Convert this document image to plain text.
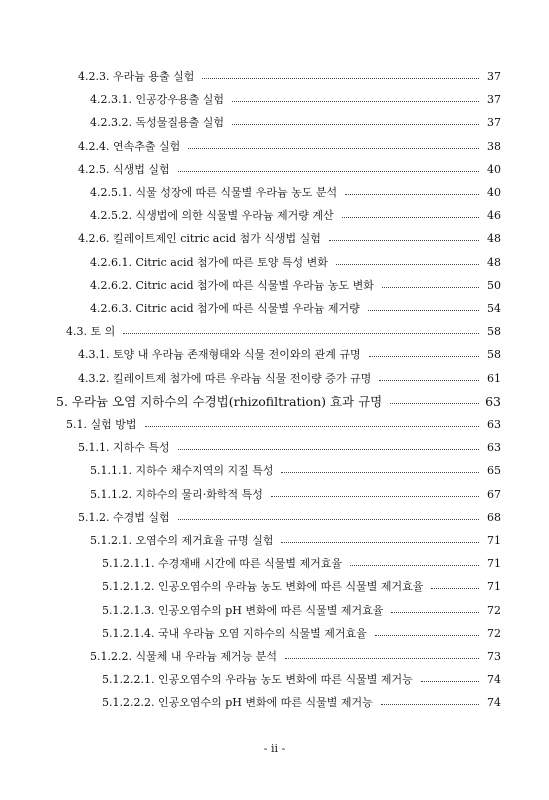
4.2.3. 우라늄 용출 실험	37
4.2.3.1. 인공강우용출 실험	37
4.2.3.2. 독성물질용출 실험	37
4.2.4. 연속추출 실험	38
4.2.5. 식생법 실험	40
4.2.5.1. 식물 성장에 따른 식물별 우라늄 농도 분석	40
4.2.5.2. 식생법에 의한 식물별 우라늄 제거량 계산	46
4.2.6. 킬레이트제인 citric acid 첨가 식생법 실험	48
4.2.6.1. Citric acid 첨가에 따른 토양 특성 변화	48
4.2.6.2. Citric acid 첨가에 따른 식물별 우라늄 농도 변화	50
4.2.6.3. Citric acid 첨가에 따른 식물별 우라늄 제거량	54
4.3. 토 의	58
4.3.1. 토양 내 우라늄 존재형태와 식물 전이와의 관계 규명	58
4.3.2. 킬레이트제 첨가에 따른 우라늄 식물 전이량 증가 규명	61
5. 우라늄 오염 지하수의 수경법(rhizofiltration) 효과 규명	63
5.1. 실험 방법	63
5.1.1. 지하수 특성	63
5.1.1.1. 지하수 채수지역의 지질 특성	65
5.1.1.2. 지하수의 물리·화학적 특성	67
5.1.2. 수경법 실험	68
5.1.2.1. 오염수의 제거효율 규명 실험	71
5.1.2.1.1. 수경재배 시간에 따른 식물별 제거효율	71
5.1.2.1.2. 인공오염수의 우라늄 농도 변화에 따른 식물별 제거효율	71
5.1.2.1.3. 인공오염수의 pH 변화에 따른 식물별 제거효율	72
5.1.2.1.4. 국내 우라늄 오염 지하수의 식물별 제거효율	72
5.1.2.2. 식물체 내 우라늄 제거능 분석	73
5.1.2.2.1. 인공오염수의 우라늄 농도 변화에 따른 식물별 제거능	74
5.1.2.2.2. 인공오염수의 pH 변화에 따른 식물별 제거능	74
- ii -
